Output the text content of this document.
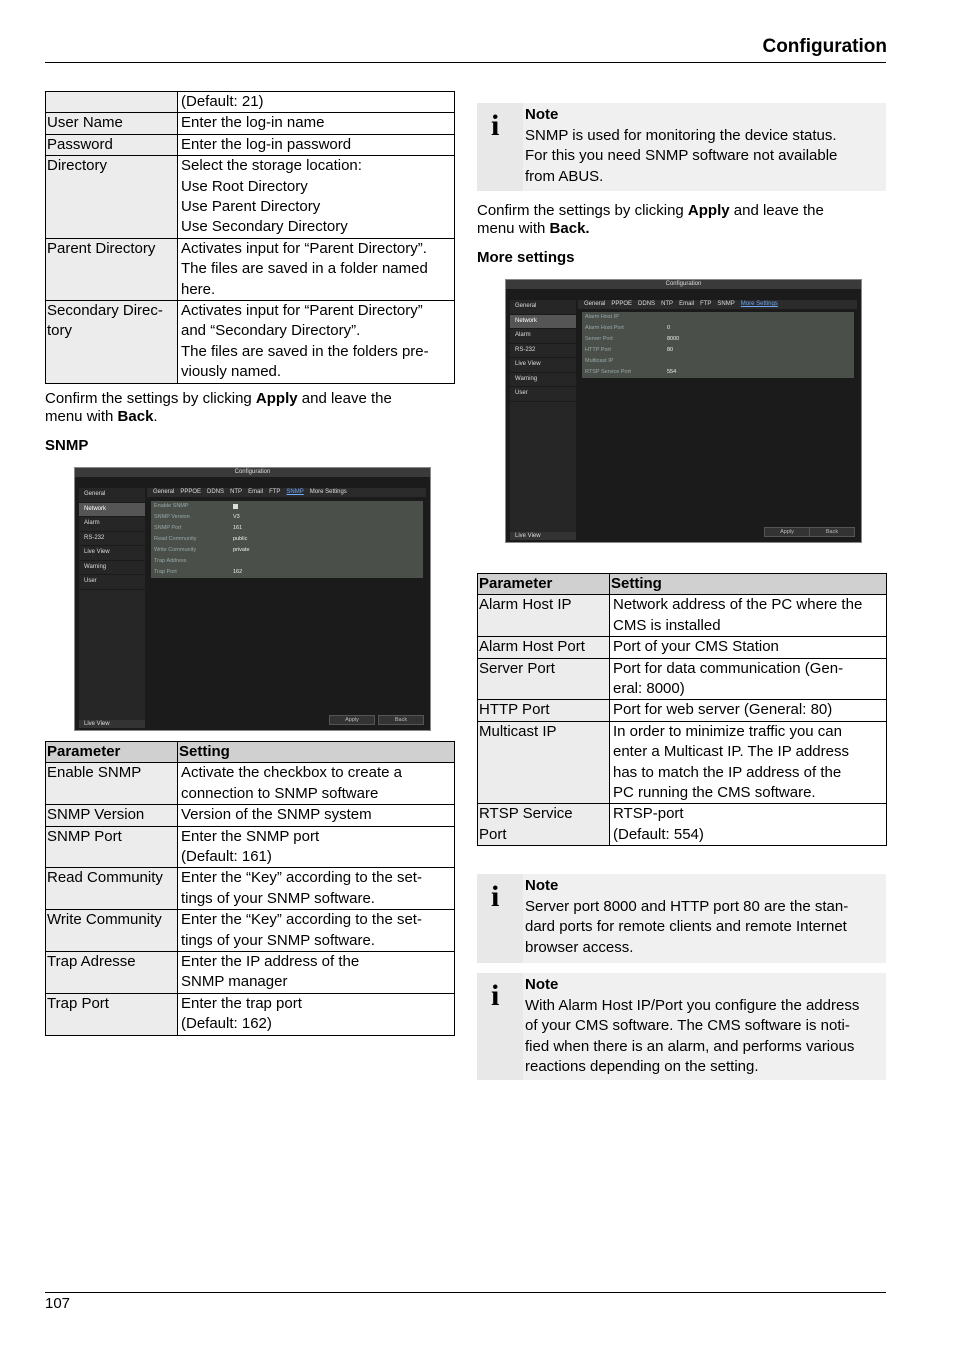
Configuration

	(Default: 21)

User Name	Enter the log-in name

Password	Enter the log-in password

Directory	Select the storage location:
Use Root Directory
Use Parent Directory
Use Secondary Directory

Parent Directory	Activates input for “Parent Directory”.
The files are saved in a folder named
here.

Secondary Direc-
tory	Activates input for “Parent Directory”
and “Secondary Directory”.
The files are saved in the folders pre-
viously named.
Confirm the settings by clicking Apply and leave the
menu with Back.
SNMP
Configuration
General
Network
Alarm
RS-232
Live View
Warning
User
General PPPOE DDNS NTP Email FTP SNMP More Settings
Enable SNMP
SNMP Version	V3
SNMP Port	161
Read Community	public
Write Community	private
Trap Address
Trap Port	162
Live View
Apply	Back
Parameter	Setting

Enable SNMP	Activate the checkbox to create a
connection to SNMP software

SNMP Version	Version of the SNMP system

SNMP Port	Enter the SNMP port
(Default: 161)

Read Community	Enter the “Key” according to the set-
tings of your SNMP software.

Write Community	Enter the “Key” according to the set-
tings of your SNMP software.

Trap Adresse	Enter the IP address of the
SNMP manager

Trap Port	Enter the trap port
(Default: 162)
i Note
SNMP is used for monitoring the device status.
For this you need SNMP software not available
from ABUS.
Confirm the settings by clicking Apply and leave the
menu with Back.
More settings
Configuration
General
Network
Alarm
RS-232
Live View
Warning
User
General PPPOE DDNS NTP Email FTP SNMP More Settings
Alarm Host IP
Alarm Host Port	0
Server Port	8000
HTTP Port	80
Multicast IP
RTSP Service Port	554
Live View
Apply	Back
Parameter	Setting

Alarm Host IP	Network address of the PC where the
CMS is installed

Alarm Host Port	Port of your CMS Station

Server Port	Port for data communication (Gen-
eral: 8000)

HTTP Port	Port for web server (General: 80)

Multicast IP	In order to minimize traffic you can
enter a Multicast IP. The IP address
has to match the IP address of the
PC running the CMS software.

RTSP Service
Port	RTSP-port
(Default: 554)
i Note
Server port 8000 and HTTP port 80 are the stan-
dard ports for remote clients and remote Internet
browser access.
i Note
With Alarm Host IP/Port you configure the address
of your CMS software. The CMS software is noti-
fied when there is an alarm, and performs various
reactions depending on the setting.
107
